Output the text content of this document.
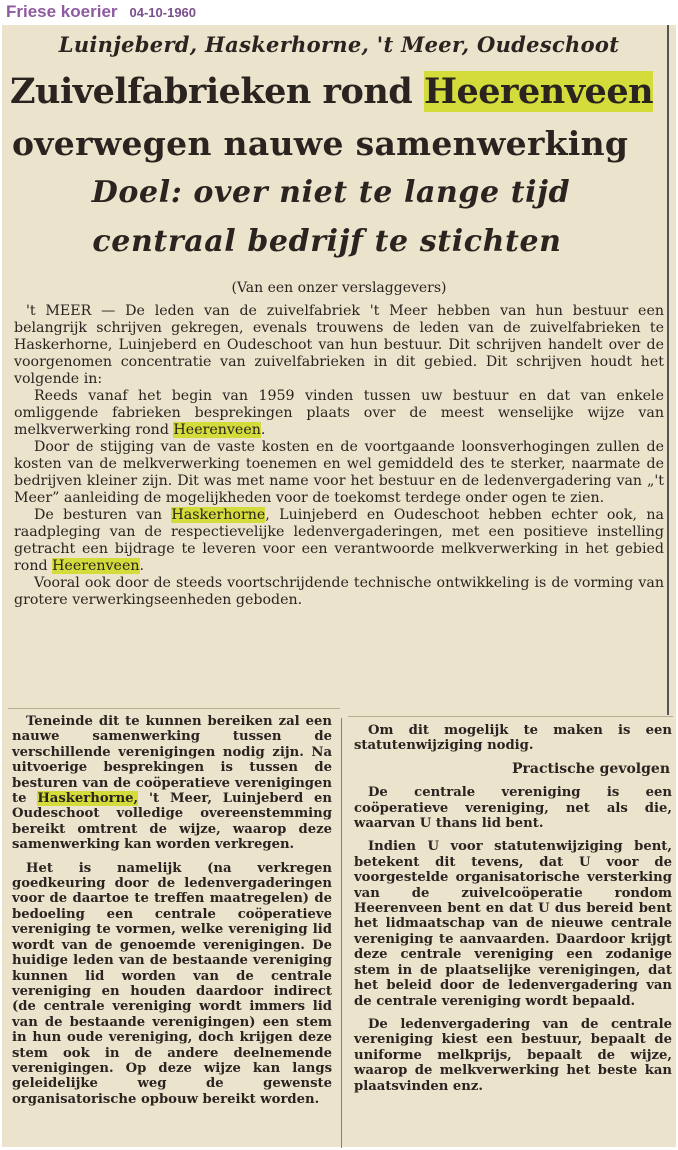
Friese koerier 04-10-1960
Luinjeberd, Haskerhorne, 't Meer, Oudeschoot
Zuivelfabrieken rond Heerenveen
overwegen nauwe samenwerking
Doel: over niet te lange tijd
centraal bedrijf te stichten
(Van een onzer verslaggevers)

't MEER — De leden van de zuivelfabriek 't Meer hebben van hun bestuur een belangrijk schrijven gekregen, evenals trouwens de leden van de zuivelfabrieken te Haskerhorne, Luinjeberd en Oudeschoot van hun bestuur. Dit schrijven handelt over de voorgenomen concentratie van zuivelfabrieken in dit gebied. Dit schrijven houdt het volgende in:

Reeds vanaf het begin van 1959 vinden tussen uw bestuur en dat van enkele omliggende fabrieken besprekingen plaats over de meest wenselijke wijze van melkverwerking rond Heerenveen.

Door de stijging van de vaste kosten en de voortgaande loonsverhogingen zullen de kosten van de melkverwerking toenemen en wel gemiddeld des te sterker, naarmate de bedrijven kleiner zijn. Dit was met name voor het bestuur en de ledenvergadering van „'t Meer” aanleiding de mogelijkheden voor de toekomst terdege onder ogen te zien.

De besturen van Haskerhorne, Luinjeberd en Oudeschoot hebben echter ook, na raadpleging van de respectievelijke ledenvergaderingen, met een positieve instelling getracht een bijdrage te leveren voor een verantwoorde melkverwerking in het gebied rond Heerenveen.

Vooral ook door de steeds voortschrijdende technische ontwikkeling is de vorming van grotere verwerkingseenheden geboden.

Teneinde dit te kunnen bereiken zal een nauwe samenwerking tussen de verschillende verenigingen nodig zijn. Na uitvoerige besprekingen is tussen de besturen van de coöperatieve verenigingen te Haskerhorne, 't Meer, Luinjeberd en Oudeschoot volledige overeenstemming bereikt omtrent de wijze, waarop deze samenwerking kan worden verkregen.

Het is namelijk (na verkregen goedkeuring door de ledenvergaderingen voor de daartoe te treffen maatregelen) de bedoeling een centrale coöperatieve vereniging te vormen, welke vereniging lid wordt van de genoemde verenigingen. De huidige leden van de bestaande vereniging kunnen lid worden van de centrale vereniging en houden daardoor indirect (de centrale vereniging wordt immers lid van de bestaande verenigingen) een stem in hun oude vereniging, doch krijgen deze stem ook in de andere deelnemende verenigingen. Op deze wijze kan langs geleidelijke weg de gewenste organisatorische opbouw bereikt worden.

Om dit mogelijk te maken is een statutenwijziging nodig.

Practische gevolgen

De centrale vereniging is een coöperatieve vereniging, net als die, waarvan U thans lid bent.

Indien U voor statutenwijziging bent, betekent dit tevens, dat U voor de voorgestelde organisatorische versterking van de zuivelcoöperatie rondom Heerenveen bent en dat U dus bereid bent het lidmaatschap van de nieuwe centrale vereniging te aanvaarden. Daardoor krijgt deze centrale vereniging een zodanige stem in de plaatselijke verenigingen, dat het beleid door de ledenvergadering van de centrale vereniging wordt bepaald.

De ledenvergadering van de centrale vereniging kiest een bestuur, bepaalt de uniforme melkprijs, bepaalt de wijze, waarop de melkverwerking het beste kan plaatsvinden enz.
